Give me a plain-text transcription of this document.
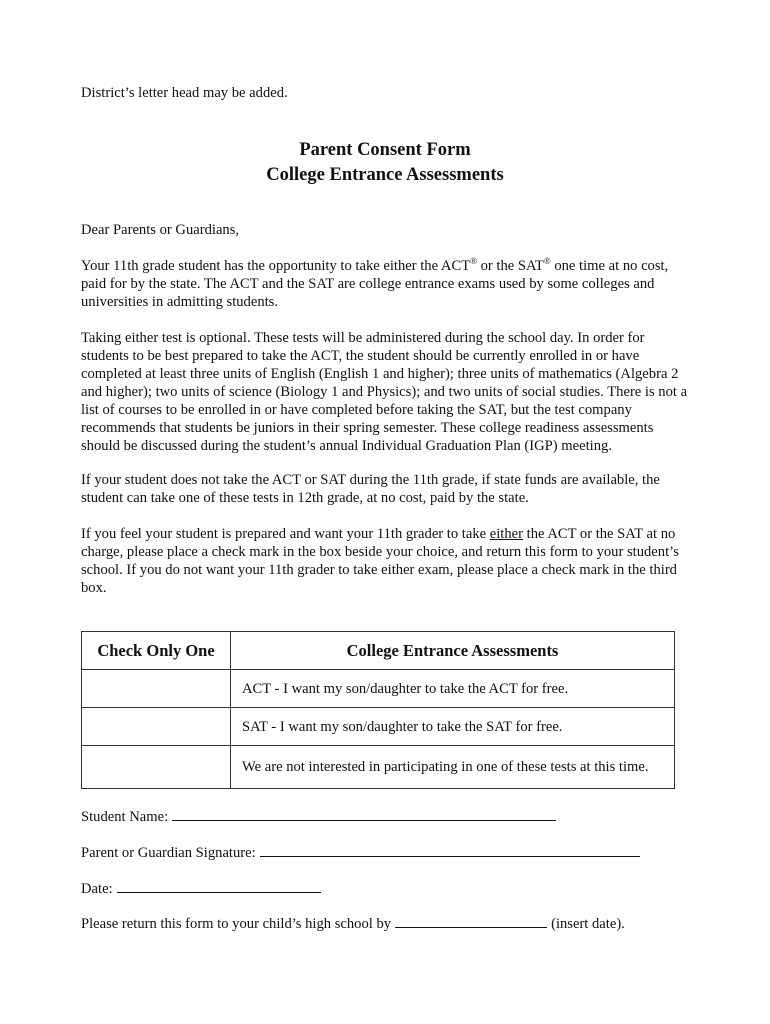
District’s letter head may be added.
Parent Consent Form
College Entrance Assessments
Dear Parents or Guardians,
Your 11th grade student has the opportunity to take either the ACT® or the SAT® one time at no cost, paid for by the state. The ACT and the SAT are college entrance exams used by some colleges and universities in admitting students.
Taking either test is optional. These tests will be administered during the school day. In order for students to be best prepared to take the ACT, the student should be currently enrolled in or have completed at least three units of English (English 1 and higher); three units of mathematics (Algebra 2 and higher); two units of science (Biology 1 and Physics); and two units of social studies. There is not a list of courses to be enrolled in or have completed before taking the SAT, but the test company recommends that students be juniors in their spring semester. These college readiness assessments should be discussed during the student’s annual Individual Graduation Plan (IGP) meeting.
If your student does not take the ACT or SAT during the 11th grade, if state funds are available, the student can take one of these tests in 12th grade, at no cost, paid by the state.
If you feel your student is prepared and want your 11th grader to take either the ACT or the SAT at no charge, please place a check mark in the box beside your choice, and return this form to your student’s school. If you do not want your 11th grader to take either exam, please place a check mark in the third box.
Check Only One	College Entrance Assessments

	ACT - I want my son/daughter to take the ACT for free.

	SAT - I want my son/daughter to take the SAT for free.

	We are not interested in participating in one of these tests at this time.
Student Name:
Parent or Guardian Signature:
Date:
Please return this form to your child’s high school by	(insert date).
